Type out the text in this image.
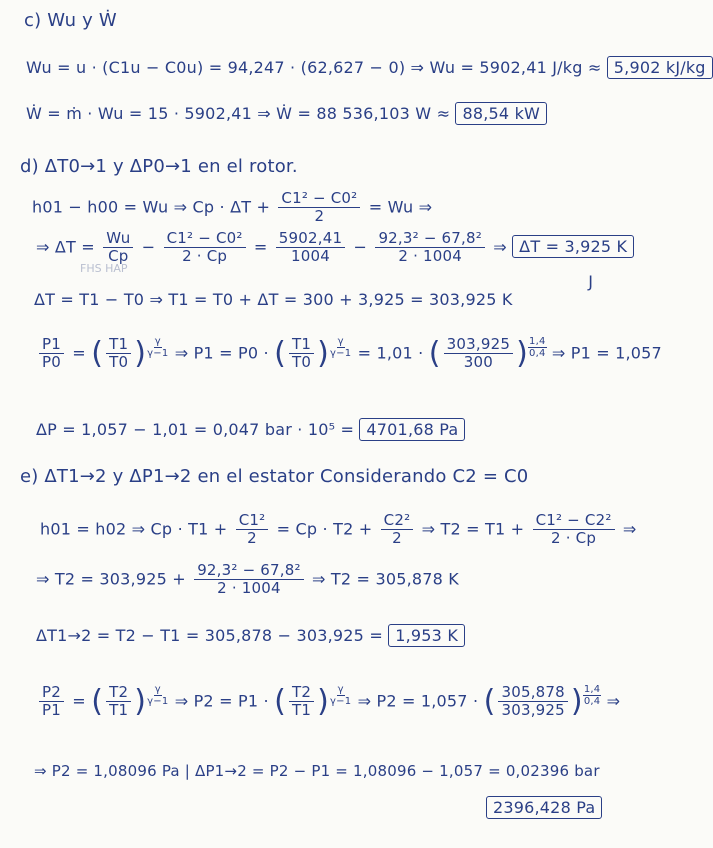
c) Wu y Ẇ
Wu = u · (C1u − C0u) = 94,247 · (62,627 − 0) ⇒ Wu = 5902,41 J/kg ≈ 5,902 kJ/kg
Ẇ = ṁ · Wu = 15 · 5902,41 ⇒ Ẇ = 88 536,103 W ≈ 88,54 kW
d) ΔT0→1 y ΔP0→1 en el rotor.
h01 − h00 = Wu ⇒ $Cp \cdot \Delta T + \frac{\text{C1² − C0²}}{2} = Wu$ ⇒
⇒ $\Delta T = \frac{Wu}{Cp} - \frac{\text{C1² − C0²}}{2 \cdot Cp} = \frac{5902,41}{1004} - \frac{\text{92,3² − 67,8²}}{2 \cdot 1004}$ ⇒ ΔT = 3,925 K
FHS HAP
J
ΔT = T1 − T0 ⇒ T1 = T0 + ΔT = 300 + 3,925 = 303,925 K
$\frac{P1}{P0}$ = ( $\frac{T1}{T0}$ ) $\frac{\gamma}{\gamma-1}$ ⇒ P1 = P0 · ( $\frac{T1}{T0}$ ) $\frac{\gamma}{\gamma-1} = 1,01$ · ( $\frac{303,925}{300}$ ) $\frac{1,4}{0,4}$ ⇒ P1 = 1,057
ΔP = 1,057 − 1,01 = 0,047 bar · 10⁵ = 4701,68 Pa
e) ΔT1→2 y ΔP1→2 en el estator Considerando C2 = C0
h01 = h02 ⇒ $Cp \cdot T1 + \frac{\text{C1²}}{2} = Cp \cdot T2 + \frac{\text{C2²}}{2}$ ⇒ $T2 = T1 + \frac{\text{C1² − C2²}}{2 \cdot Cp}$ ⇒
⇒ $T2 = 303,925 + \frac{\text{92,3² − 67,8²}}{2 \cdot 1004}$ ⇒ T2 = 305,878 K
ΔT1→2 = T2 − T1 = 305,878 − 303,925 = 1,953 K
$\frac{P2}{P1}$ = ( $\frac{T2}{T1}$ ) $\frac{\gamma}{\gamma-1}$ ⇒ P2 = P1 · ( $\frac{T2}{T1}$ ) $\frac{\gamma}{\gamma-1}$ ⇒ P2 = 1,057 · ( $\frac{305,878}{303,925}$ ) $\frac{1,4}{0,4}$ ⇒
⇒ P2 = 1,08096 Pa | ΔP1→2 = P2 − P1 = 1,08096 − 1,057 = 0,02396 bar
2396,428 Pa
